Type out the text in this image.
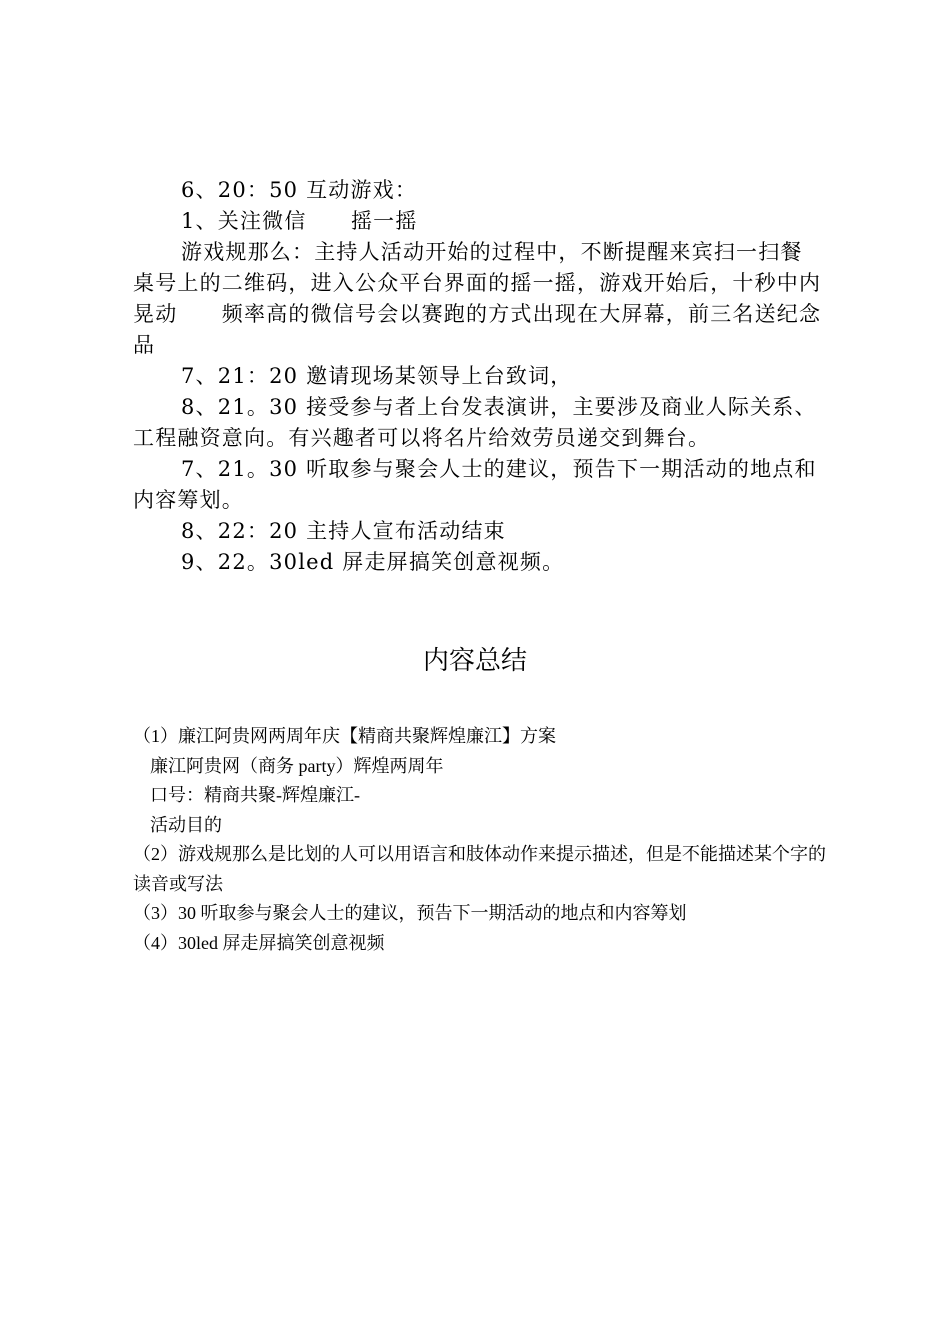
6、20：50 互动游戏：

1、关注微信　　摇一摇

游戏规那么：主持人活动开始的过程中，不断提醒来宾扫一扫餐桌号上的二维码，进入公众平台界面的摇一摇，游戏开始后，十秒中内晃动　　频率高的微信号会以赛跑的方式出现在大屏幕，前三名送纪念品

7、21：20 邀请现场某领导上台致词，

8、21。30 接受参与者上台发表演讲，主要涉及商业人际关系、工程融资意向。有兴趣者可以将名片给效劳员递交到舞台。

7、21。30 听取参与聚会人士的建议，预告下一期活动的地点和内容筹划。

8、22：20 主持人宣布活动结束

9、22。30led 屏走屏搞笑创意视频。

内容总结

（1）廉江阿贵网两周年庆【精商共聚辉煌廉江】方案

廉江阿贵网（商务 party）辉煌两周年

口号：精商共聚-辉煌廉江-

活动目的

（2）游戏规那么是比划的人可以用语言和肢体动作来提示描述，但是不能描述某个字的读音或写法

（3）30 听取参与聚会人士的建议，预告下一期活动的地点和内容筹划

（4）30led 屏走屏搞笑创意视频
